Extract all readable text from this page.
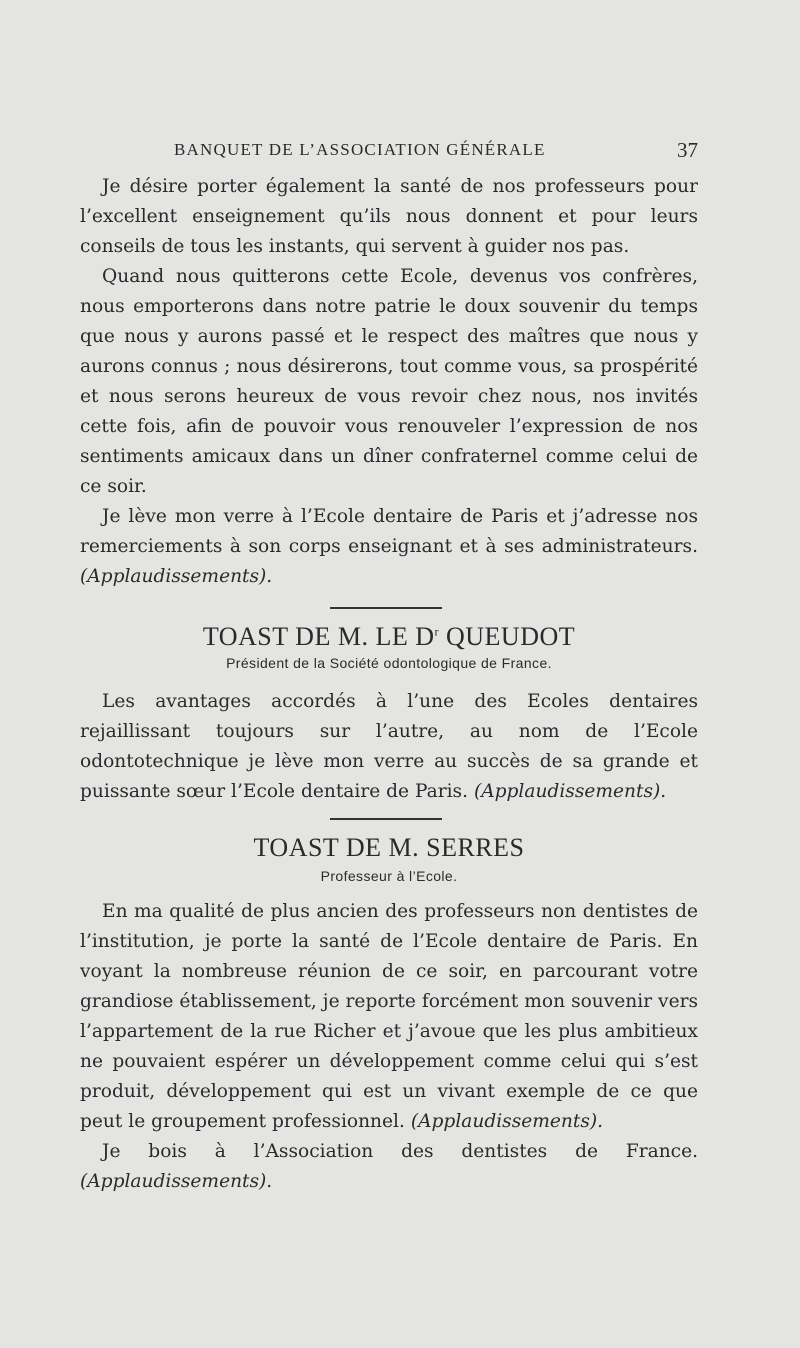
BANQUET DE L’ASSOCIATION GÉNÉRALE	37

Je désire porter également la santé de nos professeurs pour l’excellent enseignement qu’ils nous donnent et pour leurs conseils de tous les instants, qui servent à guider nos pas.

Quand nous quitterons cette Ecole, devenus vos confrères, nous emporterons dans notre patrie le doux souvenir du temps que nous y aurons passé et le respect des maîtres que nous y aurons connus ; nous désirerons, tout comme vous, sa prospérité et nous serons heureux de vous revoir chez nous, nos invités cette fois, afin de pouvoir vous renouveler l’expression de nos sentiments amicaux dans un dîner confraternel comme celui de ce soir.

Je lève mon verre à l’Ecole dentaire de Paris et j’adresse nos remerciements à son corps enseignant et à ses administrateurs. (Applaudissements).

TOAST DE M. LE $D^r$ QUEUDOT
Président de la Société odontologique de France.

Les avantages accordés à l’une des Ecoles dentaires rejaillissant toujours sur l’autre, au nom de l’Ecole odontotechnique je lève mon verre au succès de sa grande et puissante sœur l’Ecole dentaire de Paris. (Applaudissements).

TOAST DE M. SERRES
Professeur à l’Ecole.

En ma qualité de plus ancien des professeurs non dentistes de l’institution, je porte la santé de l’Ecole dentaire de Paris. En voyant la nombreuse réunion de ce soir, en parcourant votre grandiose établissement, je reporte forcément mon souvenir vers l’appartement de la rue Richer et j’avoue que les plus ambitieux ne pouvaient espérer un développement comme celui qui s’est produit, développement qui est un vivant exemple de ce que peut le groupement professionnel. (Applaudissements).

Je bois à l’Association des dentistes de France. (Applaudissements).
